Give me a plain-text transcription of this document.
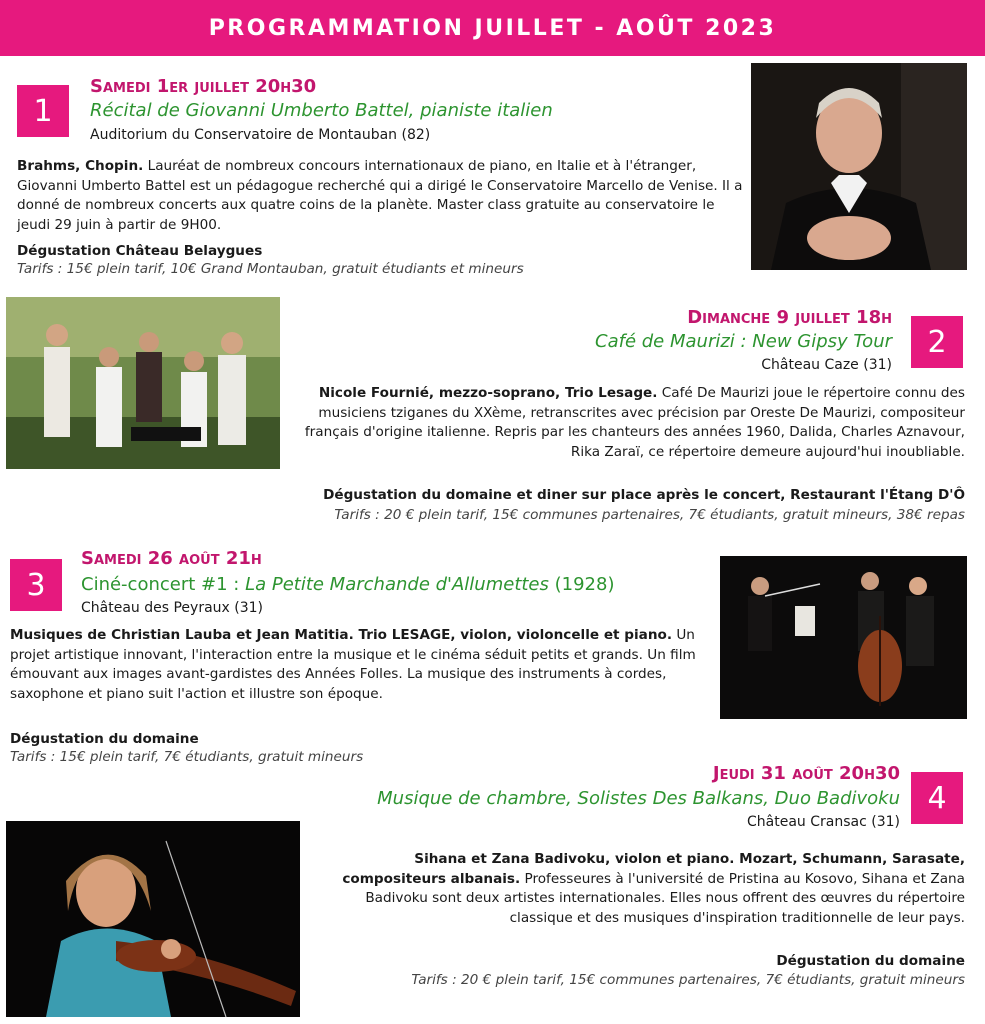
PROGRAMMATION JUILLET - AOÛT 2023
1
Samedi 1er juillet 20h30
Récital de Giovanni Umberto Battel, pianiste italien
Auditorium du Conservatoire de Montauban (82)
Brahms, Chopin. Lauréat de nombreux concours internationaux de piano, en Italie et à l'étranger, Giovanni Umberto Battel est un pédagogue recherché qui a dirigé le Conservatoire Marcello de Venise. Il a donné de nombreux concerts aux quatre coins de la planète. Master class gratuite au conservatoire le jeudi 29 juin à partir de 9H00.
Dégustation Château Belaygues
Tarifs : 15€ plein tarif, 10€ Grand Montauban, gratuit étudiants et mineurs
Dimanche 9 juillet 18h
Café de Maurizi : New Gipsy Tour
Château Caze (31)
2
Nicole Fournié, mezzo-soprano, Trio Lesage. Café De Maurizi joue le répertoire connu des musiciens tziganes du XXème, retranscrites avec précision par Oreste De Maurizi, compositeur français d'origine italienne. Repris par les chanteurs des années 1960, Dalida, Charles Aznavour, Rika Zaraï, ce répertoire demeure aujourd'hui inoubliable.
Dégustation du domaine et diner sur place après le concert, Restaurant l'Étang D'Ô
Tarifs : 20 € plein tarif, 15€ communes partenaires, 7€ étudiants, gratuit mineurs, 38€ repas
3
Samedi 26 août 21h
Ciné-concert #1 : La Petite Marchande d'Allumettes (1928)
Château des Peyraux (31)
Musiques de Christian Lauba et Jean Matitia. Trio LESAGE, violon, violoncelle et piano. Un projet artistique innovant, l'interaction entre la musique et le cinéma séduit petits et grands. Un film émouvant aux images avant-gardistes des Années Folles. La musique des instruments à cordes, saxophone et piano suit l'action et illustre son époque.
Dégustation du domaine
Tarifs : 15€ plein tarif, 7€ étudiants, gratuit mineurs
Jeudi 31 août 20h30
Musique de chambre, Solistes Des Balkans, Duo Badivoku
Château Cransac (31)
4
Sihana et Zana Badivoku, violon et piano. Mozart, Schumann, Sarasate, compositeurs albanais. Professeures à l'université de Pristina au Kosovo, Sihana et Zana Badivoku sont deux artistes internationales. Elles nous offrent des œuvres du répertoire classique et des musiques d'inspiration traditionnelle de leur pays.
Dégustation du domaine
Tarifs : 20 € plein tarif, 15€ communes partenaires, 7€ étudiants, gratuit mineurs
